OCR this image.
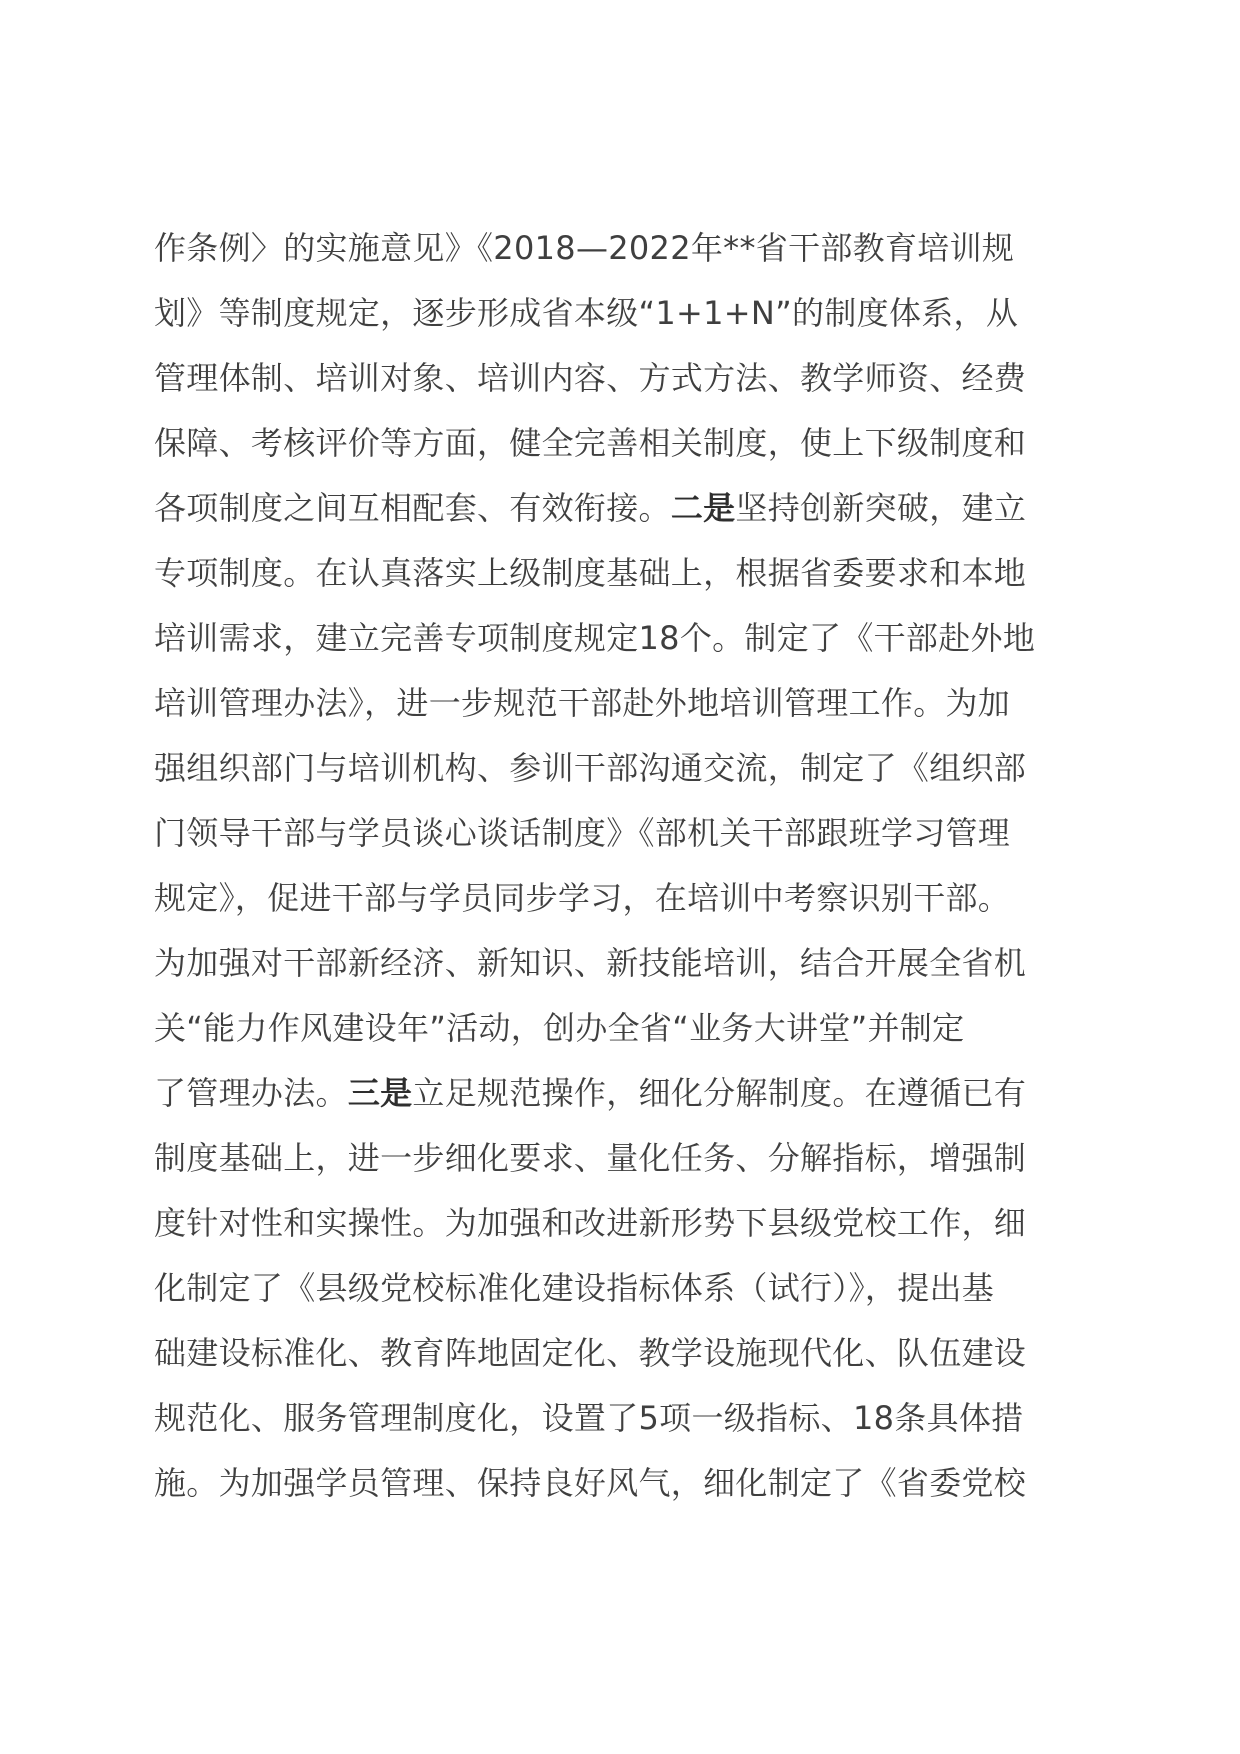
作条例〉的实施意见》《2018—2022年**省干部教育培训规
划》等制度规定，逐步形成省本级“1+1+N”的制度体系，从
管理体制、培训对象、培训内容、方式方法、教学师资、经费
保障、考核评价等方面，健全完善相关制度，使上下级制度和
各项制度之间互相配套、有效衔接。二是坚持创新突破，建立
专项制度。在认真落实上级制度基础上，根据省委要求和本地
培训需求，建立完善专项制度规定18个。制定了《干部赴外地
培训管理办法》，进一步规范干部赴外地培训管理工作。为加
强组织部门与培训机构、参训干部沟通交流，制定了《组织部
门领导干部与学员谈心谈话制度》《部机关干部跟班学习管理
规定》，促进干部与学员同步学习，在培训中考察识别干部。
为加强对干部新经济、新知识、新技能培训，结合开展全省机
关“能力作风建设年”活动，创办全省“业务大讲堂”并制定
了管理办法。三是立足规范操作，细化分解制度。在遵循已有
制度基础上，进一步细化要求、量化任务、分解指标，增强制
度针对性和实操性。为加强和改进新形势下县级党校工作，细
化制定了《县级党校标准化建设指标体系（试行）》，提出基
础建设标准化、教育阵地固定化、教学设施现代化、队伍建设
规范化、服务管理制度化，设置了5项一级指标、18条具体措
施。为加强学员管理、保持良好风气，细化制定了《省委党校
